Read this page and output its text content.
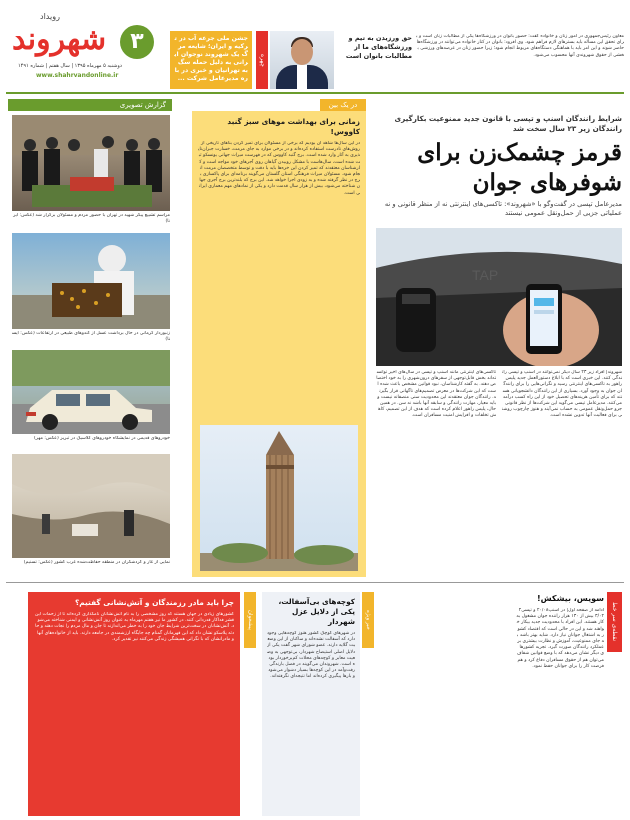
رویداد
شهروند	۳
دوشنبه ۵ مهرماه ۱۳۹۵ | سال هفتم | شماره ۱۴۹۱
www.shahrvandonline.ir
جشن ملی جرعه آب در ترکیه و ایران؛ شایعه مرگ یک شهروند نوجوان ایرانی به دلیل حمله سگ به تهرانیان و خبری در باره مدیرعامل شرکت ...
چهره
حق ورزیدن به تیم و ورزشگاه‌های ما از مطالبات بانوان است
معاون رئیس‌جمهوری در امور زنان و خانواده گفت: حضور بانوان در ورزشگاه‌ها یکی از مطالبات زنان است و برای تحقق این مسأله باید بسترهای لازم فراهم شود. وی افزود: بانوان در کنار خانواده می‌توانند در ورزشگاه‌ها حاضر شوند و این امر باید با هماهنگی دستگاه‌های مربوط انجام شود؛ زیرا حضور زنان در عرصه‌های ورزشی بخشی از حقوق شهروندی آنها محسوب می‌شود.
گزارش تصویری
مراسم تشییع پیکر شهید در تهران با حضور مردم و مسئولان برگزار شد (عکس: ایرنا)
زنبوردار کرمانی در حال برداشت عسل از کندوهای طبیعی در ارتفاعات (عکس: ایسنا)
خودروهای قدیمی در نمایشگاه خودروهای کلاسیک در تبریز (عکس: مهر)
نمایی از غار و گردشگران در منطقه حفاظت‌شده غرب کشور (عکس: تسنیم)
در یک بین
زمانی برای بهداشت موهای سبز گنبد کاووس!
در این سال‌ها شاهد آن بودیم که برخی از مسئولان برای تمیز کردن بناهای تاریخی از روش‌های نادرست استفاده کرده‌اند و در برخی موارد به جای مرمت، خسارت جبران‌ناپذیری به آثار وارد شده است. برج گنبد کاووس که در فهرست میراث جهانی یونسکو ثبت شده است، سال‌هاست با مشکل روییدن گیاهان روی آجرهای خود مواجه است و کارشناسان معتقدند که تمیز کردن این خزه‌ها باید با دقت و توسط متخصصان مرمت انجام شود. مسئولان میراث فرهنگی استان گلستان می‌گویند برنامه‌ای برای پاکسازی برج در نظر گرفته شده و به زودی اجرا خواهد شد. این برج که بلندترین برج آجری جهان شناخته می‌شود، بیش از هزار سال قدمت دارد و یکی از نمادهای مهم معماری ایرانی است.
شرایط رانندگان اسنپ و تپسی با قانون جدید ممنوعیت بکارگیری رانندگان زیر ۲۳ سال سخت شد
قرمز چشمک‌زن برای شوفرهای جوان
مدیرعامل تپسی در گفت‌وگو با «شهروند»: تاکسی‌های اینترنتی نه از منظر قانونی و نه عملیاتی جزیی از حمل‌ونقل عمومی نیستند
TAP
شهروند| افراد زیر ۲۳ سال دیگر نمی‌توانند در اسنپ و تپسی رانندگی کنند. این خبری است که با ابلاغ دستورالعمل جدید پلیس راهور به تاکسی‌های اینترنتی رسید و نگرانی‌هایی را برای رانندگان جوان به وجود آورد. بسیاری از این رانندگان دانشجویانی هستند که برای تأمین هزینه‌های تحصیل خود از این راه کسب درآمد می‌کنند. مدیرعامل تپسی می‌گوید این شرکت‌ها از نظر قانونی جزو حمل‌ونقل عمومی به حساب نمی‌آیند و هنوز چارچوب روشنی برای فعالیت آنها تدوین نشده است.
تاکسی‌های اینترنتی مانند اسنپ و تپسی در سال‌های اخیر توانسته‌اند بخش قابل‌توجهی از سفرهای درون‌شهری را به خود اختصاص دهند. به گفته کارشناسان، نبود قوانین مشخص باعث شده است که این شرکت‌ها در معرض تصمیم‌های ناگهانی قرار بگیرند. رانندگان جوان معتقدند این محدودیت سنی منصفانه نیست و باید معیار، مهارت رانندگی و سابقه آنها باشد نه سن. در همین حال، پلیس راهور اعلام کرده است که هدف از این تصمیم، کاهش تخلفات و افزایش امنیت مسافران است.
نقطه‌ی سر خط
سویس، بیشکش!
ادامه از صفحه اول| در اسنپ‌۲۰/۰۸ و تپسی‌۲۳/۰۲ بیش از ۱۳۰ هزار راننده جوان مشغول به کار هستند. این افراد با محدودیت جدید بیکار خواهند شد و این در حالی است که اقتصاد کشور به اشتغال جوانان نیاز دارد. شاید بهتر باشد به جای ممنوعیت، آموزش و نظارت بیشتری بر عملکرد رانندگان صورت گیرد. تجربه کشورهای دیگر نشان می‌دهد که با وضع قوانین شفاف می‌توان هم از حقوق مسافران دفاع کرد و هم فرصت کار را برای جوانان حفظ نمود.
خبر ویژه
کوچه‌های بی‌آسفالت، یکی از دلایل عزل شهردار
در شهرهای کوچک کشور هنوز کوچه‌هایی وجود دارد که آسفالت نشده‌اند و ساکنان از این وضعیت گلایه دارند. عضو شورای شهر گفت یکی از دلایل اصلی استیضاح شهردار، بی‌توجهی به وضعیت معابر و کوچه‌های محلات کم‌برخوردار بوده است. شهروندان می‌گویند در فصل بارندگی رفت‌وآمد در این کوچه‌ها بسیار دشوار می‌شود و بارها پیگیری کرده‌اند اما نتیجه‌ای نگرفته‌اند.
پیشخوان
چرا باید مادر رزمندگان و آتش‌نشانی گفتیم؟
کشورهای زیادی در جهان هستند که روز مشخصی را به نام آتش‌نشانان نامگذاری کرده‌اند تا از زحمات این قشر فداکار قدردانی کنند. در کشور ما نیز هفتم مهرماه به عنوان روز آتش‌نشانی و ایمنی شناخته می‌شود. آتش‌نشانان در سخت‌ترین شرایط جان خود را به خطر می‌اندازند تا جان و مال مردم را نجات دهند و حادثه پلاسکو نشان داد که این قهرمانان گمنام چه جایگاه ارزشمندی در جامعه دارند. باید از خانواده‌های آنها و مادرانشان که با نگرانی همیشگی زندگی می‌کنند نیز تقدیر کرد.
